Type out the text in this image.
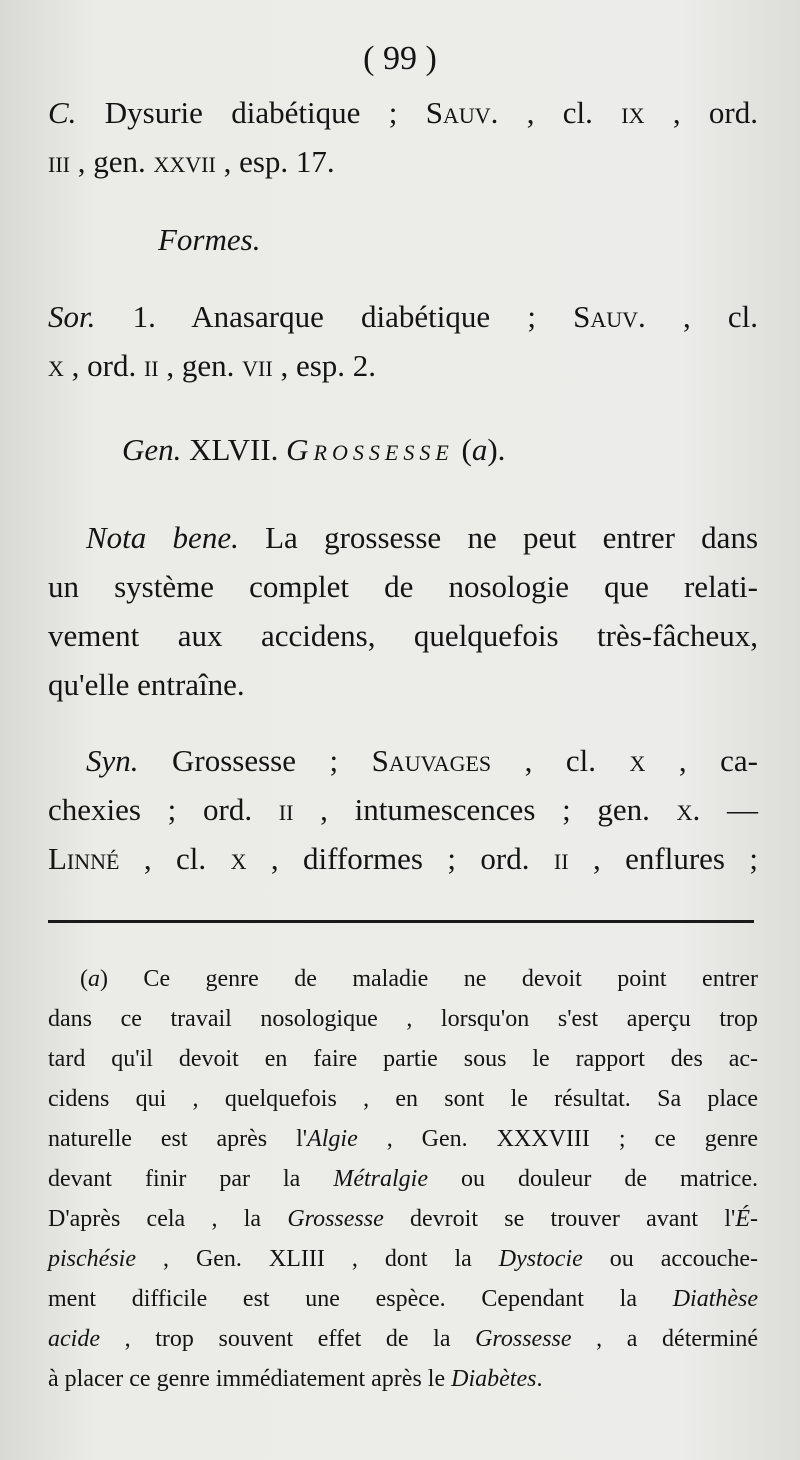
( 99 )
C. Dysurie diabétique ; Sauv. , cl. ix , ord.
iii , gen. xxvii , esp. 17.
Formes.
Sor. 1. Anasarque diabétique ; Sauv. , cl.
x , ord. ii , gen. vii , esp. 2.
Gen. XLVII. Grossesse (a).
Nota bene. La grossesse ne peut entrer dans
un système complet de nosologie que relati-
vement aux accidens, quelquefois très-fâcheux,
qu'elle entraîne.
Syn. Grossesse ; Sauvages , cl. x , ca-
chexies ; ord. ii , intumescences ; gen. x. —
Linné , cl. x , difformes ; ord. ii , enflures ;
(a) Ce genre de maladie ne devoit point entrer
dans ce travail nosologique , lorsqu'on s'est aperçu trop
tard qu'il devoit en faire partie sous le rapport des ac-
cidens qui , quelquefois , en sont le résultat. Sa place
naturelle est après l'Algie , Gen. XXXVIII ; ce genre
devant finir par la Métralgie ou douleur de matrice.
D'après cela , la Grossesse devroit se trouver avant l'É-
pischésie , Gen. XLIII , dont la Dystocie ou accouche-
ment difficile est une espèce. Cependant la Diathèse
acide , trop souvent effet de la Grossesse , a déterminé
à placer ce genre immédiatement après le Diabètes.
